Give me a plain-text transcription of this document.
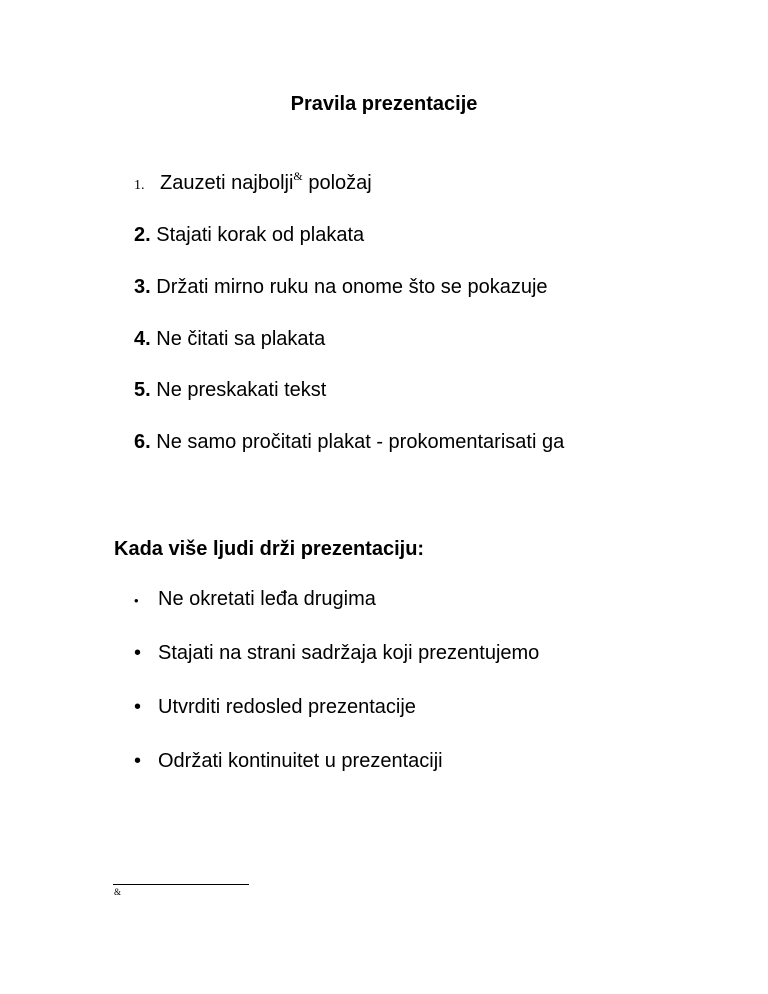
Pravila prezentacije
1. Zauzeti najbolji& položaj
2. Stajati korak od plakata
3. Držati mirno ruku na onome što se pokazuje
4. Ne čitati sa plakata
5. Ne preskakati tekst
6. Ne samo pročitati plakat - prokomentarisati ga
Kada više ljudi drži prezentaciju:
• Ne okretati leđa drugima
• Stajati na strani sadržaja koji prezentujemo
• Utvrditi redosled prezentacije
• Održati kontinuitet u prezentaciji
&
